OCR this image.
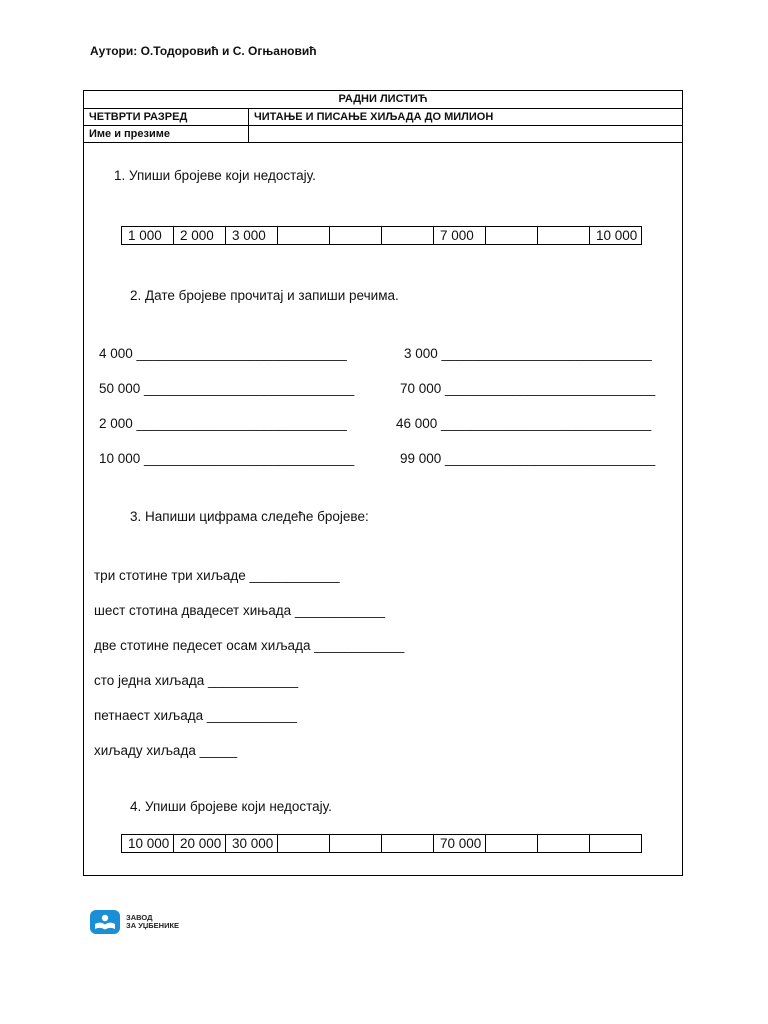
Аутори: О.Тодоровић и С. Огњановић
РАДНИ ЛИСТИЋ
ЧЕТВРТИ РАЗРЕД	ЧИТАЊЕ И ПИСАЊЕ ХИЉАДА ДО МИЛИОН
Име и презиме
1. Упиши бројеве који недостају.
1 000	2 000	3 000				7 000			10 000
2. Дате бројеве прочитај и запиши речима.
4 000 ____________________________
50 000 ____________________________
2 000 ____________________________
10 000 ____________________________
3 000 ____________________________
70 000 ____________________________
46 000 ____________________________
99 000 ____________________________
3. Напиши цифрама следеће бројеве:
три стотине три хиљаде ____________
шест стотина двадесет хињада ____________
две стотине педесет осам хиљада ____________
сто једна хиљада ____________
петнаест хиљада ____________
хиљаду хиљада _____
4. Упиши бројеве који недостају.
10 000	20 000	30 000				70 000			
ЗАВОД
ЗА УЏБЕНИКЕ
